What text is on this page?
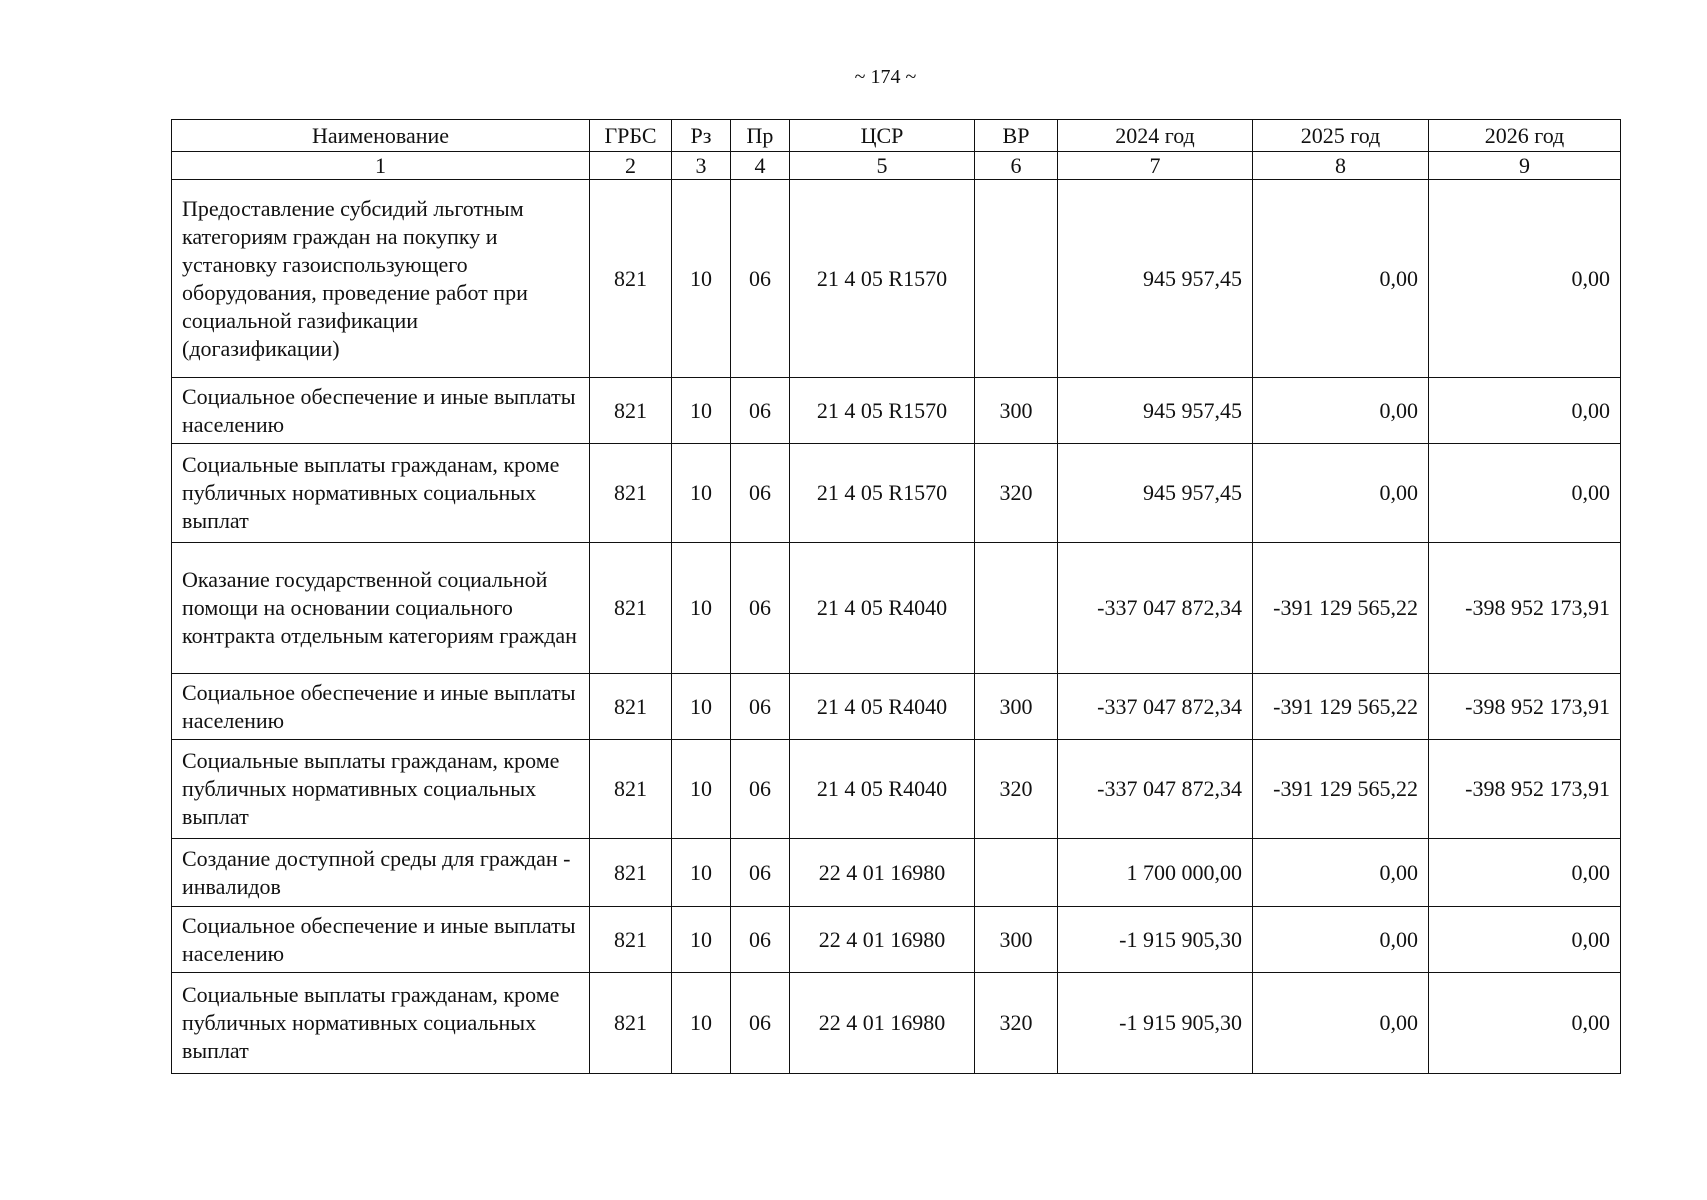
~ 174 ~
Наименование	ГРБС	Рз	Пр	ЦСР	ВР	2024 год	2025 год	2026 год
1	2	3	4	5	6	7	8	9
Предоставление субсидий льготным категориям граждан на покупку и установку газоиспользующего оборудования, проведение работ при социальной газификации (догазификации)	821	10	06	21 4 05 R1570		945 957,45	0,00	0,00
Социальное обеспечение и иные выплаты населению	821	10	06	21 4 05 R1570	300	945 957,45	0,00	0,00
Социальные выплаты гражданам, кроме публичных нормативных социальных выплат	821	10	06	21 4 05 R1570	320	945 957,45	0,00	0,00
Оказание государственной социальной помощи на основании социального контракта отдельным категориям граждан	821	10	06	21 4 05 R4040		-337 047 872,34	-391 129 565,22	-398 952 173,91
Социальное обеспечение и иные выплаты населению	821	10	06	21 4 05 R4040	300	-337 047 872,34	-391 129 565,22	-398 952 173,91
Социальные выплаты гражданам, кроме публичных нормативных социальных выплат	821	10	06	21 4 05 R4040	320	-337 047 872,34	-391 129 565,22	-398 952 173,91
Создание доступной среды для граждан - инвалидов	821	10	06	22 4 01 16980		1 700 000,00	0,00	0,00
Социальное обеспечение и иные выплаты населению	821	10	06	22 4 01 16980	300	-1 915 905,30	0,00	0,00
Социальные выплаты гражданам, кроме публичных нормативных социальных выплат	821	10	06	22 4 01 16980	320	-1 915 905,30	0,00	0,00
